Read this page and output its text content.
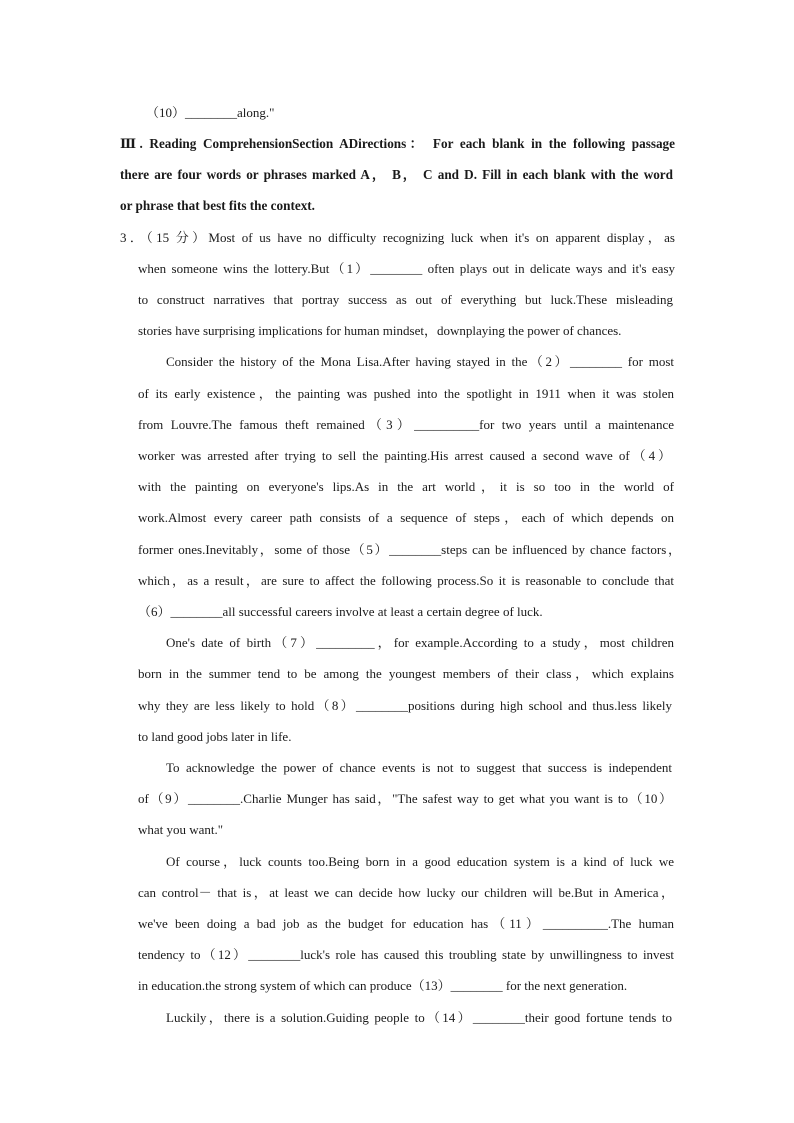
（10）________along."
Ⅲ. Reading ComprehensionSection ADirections： For each blank in the following passage
there are four words or phrases marked A， B， C and D. Fill in each blank with the word
or phrase that best fits the context.
3．（15 分）Most of us have no difficulty recognizing luck when it's on apparent display，as
when someone wins the lottery.But（1）________ often plays out in delicate ways and it's easy
to construct narratives that portray success as out of everything but luck.These misleading
stories have surprising implications for human mindset，downplaying the power of chances.
Consider the history of the Mona Lisa.After having stayed in the（2）________ for most
of its early existence，the painting was pushed into the spotlight in 1911 when it was stolen
from Louvre.The famous theft remained（3）__________for two years until a maintenance
worker was arrested after trying to sell the painting.His arrest caused a second wave of（4）
with the painting on everyone's lips.As in the art world，it is so too in the world of
work.Almost every career path consists of a sequence of steps，each of which depends on
former ones.Inevitably，some of those（5）________steps can be influenced by chance factors，
which，as a result，are sure to affect the following process.So it is reasonable to conclude that
（6）________all successful careers involve at least a certain degree of luck.
One's date of birth（7）_________，for example.According to a study，most children
born in the summer tend to be among the youngest members of their class，which explains
why they are less likely to hold（8）________positions during high school and thus.less likely
to land good jobs later in life.
To acknowledge the power of chance events is not to suggest that success is independent
of（9）________.Charlie Munger has said，"The safest way to get what you want is to（10）
what you want."
Of course，luck counts too.Being born in a good education system is a kind of luck we
can control－ that is，at least we can decide how lucky our children will be.But in America，
we've been doing a bad job as the budget for education has（11）__________.The human
tendency to（12）________luck's role has caused this troubling state by unwillingness to invest
in education.the strong system of which can produce（13）________ for the next generation.
Luckily，there is a solution.Guiding people to（14）________their good fortune tends to
